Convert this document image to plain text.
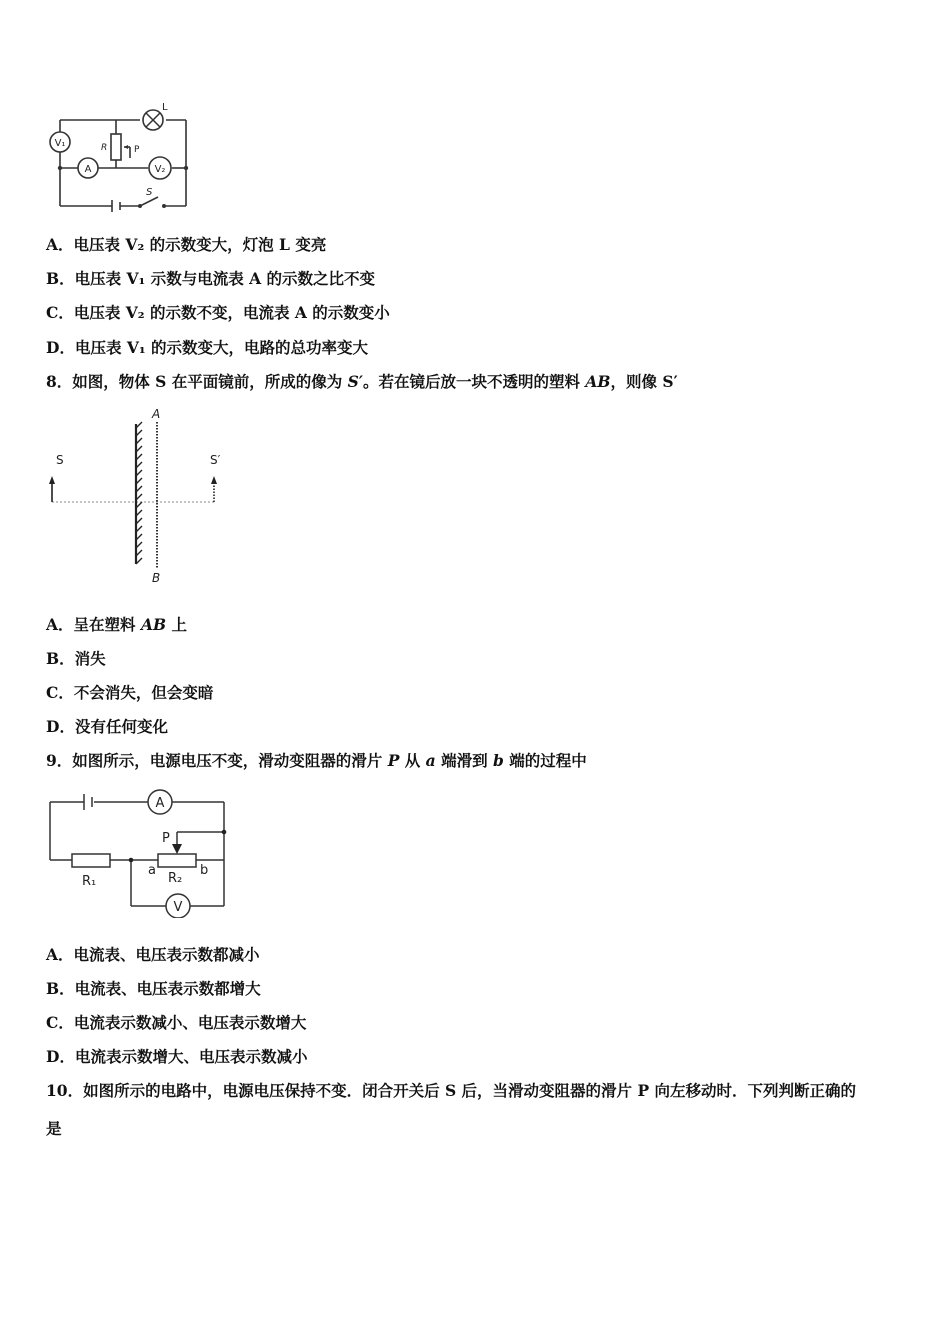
V₁
A	V₂
L
R	P
S
A．电压表 V₂ 的示数变大，灯泡 L 变亮
B．电压表 V₁ 示数与电流表 A 的示数之比不变
C．电压表 V₂ 的示数不变，电流表 A 的示数变小
D．电压表 V₁ 的示数变大，电路的总功率变大
8．如图，物体 S 在平面镜前，所成的像为 S′。若在镜后放一块不透明的塑料 AB，则像 S′
A
B
S	S′
A．呈在塑料 AB 上
B．消失
C．不会消失，但会变暗
D．没有任何变化
9．如图所示，电源电压不变，滑动变阻器的滑片 P 从 a 端滑到 b 端的过程中
A
V
P
R₁	R₂
a	b
A．电流表、电压表示数都减小
B．电流表、电压表示数都增大
C．电流表示数减小、电压表示数增大
D．电流表示数增大、电压表示数减小
10．如图所示的电路中，电源电压保持不变．闭合开关后 S 后，当滑动变阻器的滑片 P 向左移动时．下列判断正确的
是
